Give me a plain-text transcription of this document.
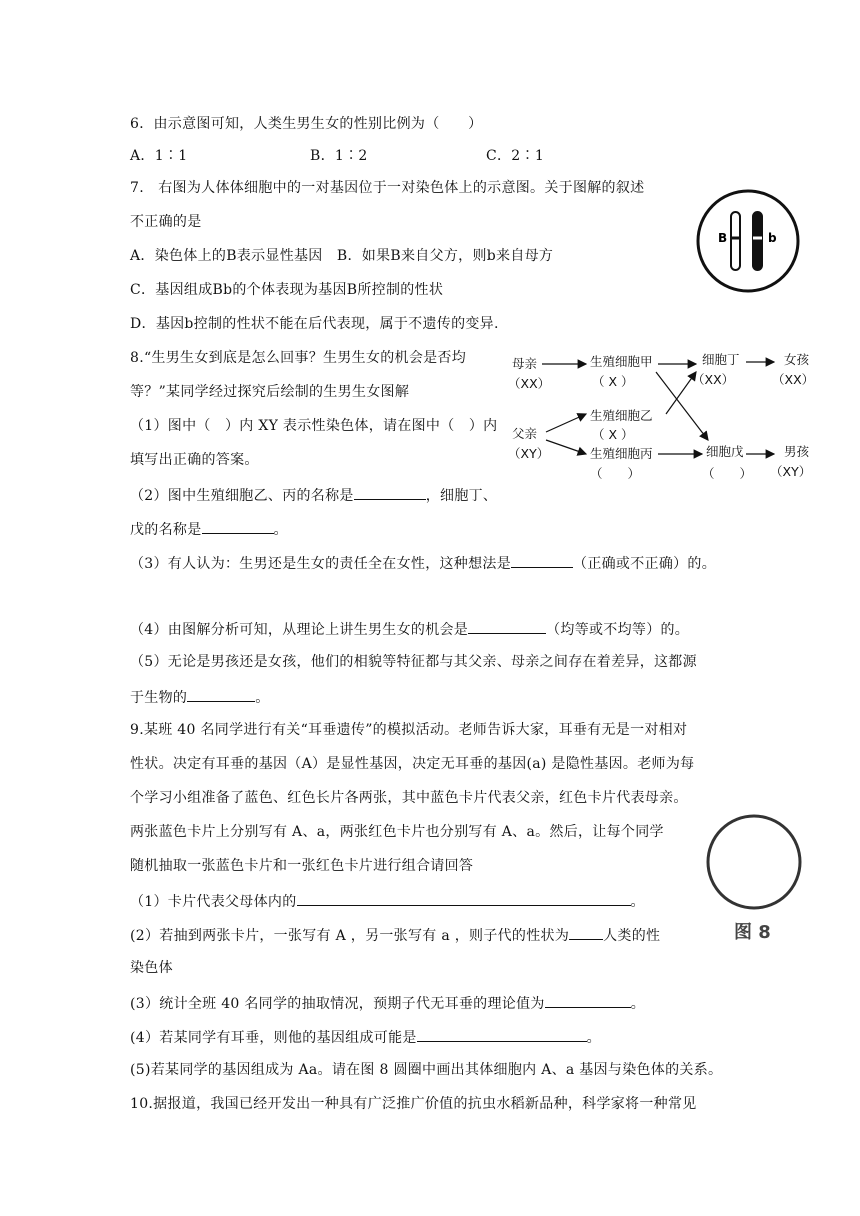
6．由示意图可知，人类生男生女的性别比例为（　　）
A．1∶1	B．1∶2	C．2∶1
7.　右图为人体体细胞中的一对基因位于一对染色体上的示意图。关于图解的叙述
不正确的是
A．染色体上的B表示显性基因　B．如果B来自父方，则b来自母方
C．基因组成Bb的个体表现为基因B所控制的性状
D．基因b控制的性状不能在后代表现，属于不遗传的变异.
B	b
8.“生男生女到底是怎么回事？生男生女的机会是否均
等？”某同学经过探究后绘制的生男生女图解
（1）图中（　）内 XY 表示性染色体，请在图中（　）内
填写出正确的答案。
（2）图中生殖细胞乙、丙的名称是	，细胞丁、
戊的名称是	。
（3）有人认为：生男还是生女的责任全在女性，这种想法是	（正确或不正确）的。
（4）由图解分析可知，从理论上讲生男生女的机会是	（均等或不均等）的。
（5）无论是男孩还是女孩，他们的相貌等特征都与其父亲、母亲之间存在着差异，这都源
于生物的	。
母亲
（XX）
父亲
（XY）
生殖细胞甲
（ X ）
生殖细胞乙
（ X ）
生殖细胞丙
（　　）
细胞丁
（XX）
细胞戊
（　　）
女孩
（XX）
男孩
（XY）
9.某班 40 名同学进行有关“耳垂遗传”的模拟活动。老师告诉大家，耳垂有无是一对相对
性状。决定有耳垂的基因（A）是显性基因，决定无耳垂的基因(a) 是隐性基因。老师为每
个学习小组准备了蓝色、红色长片各两张，其中蓝色卡片代表父亲，红色卡片代表母亲。
两张蓝色卡片上分别写有 A、a，两张红色卡片也分别写有 A、a。然后，让每个同学
随机抽取一张蓝色卡片和一张红色卡片进行组合请回答
（1）卡片代表父母体内的	。
(2）若抽到两张卡片，一张写有 A ，另一张写有 a ，则子代的性状为 人类的性
染色体
(3）统计全班 40 名同学的抽取情况，预期子代无耳垂的理论值为	。
(4）若某同学有耳垂，则他的基因组成可能是	。
(5)若某同学的基因组成为 Aa。请在图 8 圆圈中画出其体细胞内 A、a 基因与染色体的关系。
图 8
10.据报道，我国已经开发出一种具有广泛推广价值的抗虫水稻新品种，科学家将一种常见
